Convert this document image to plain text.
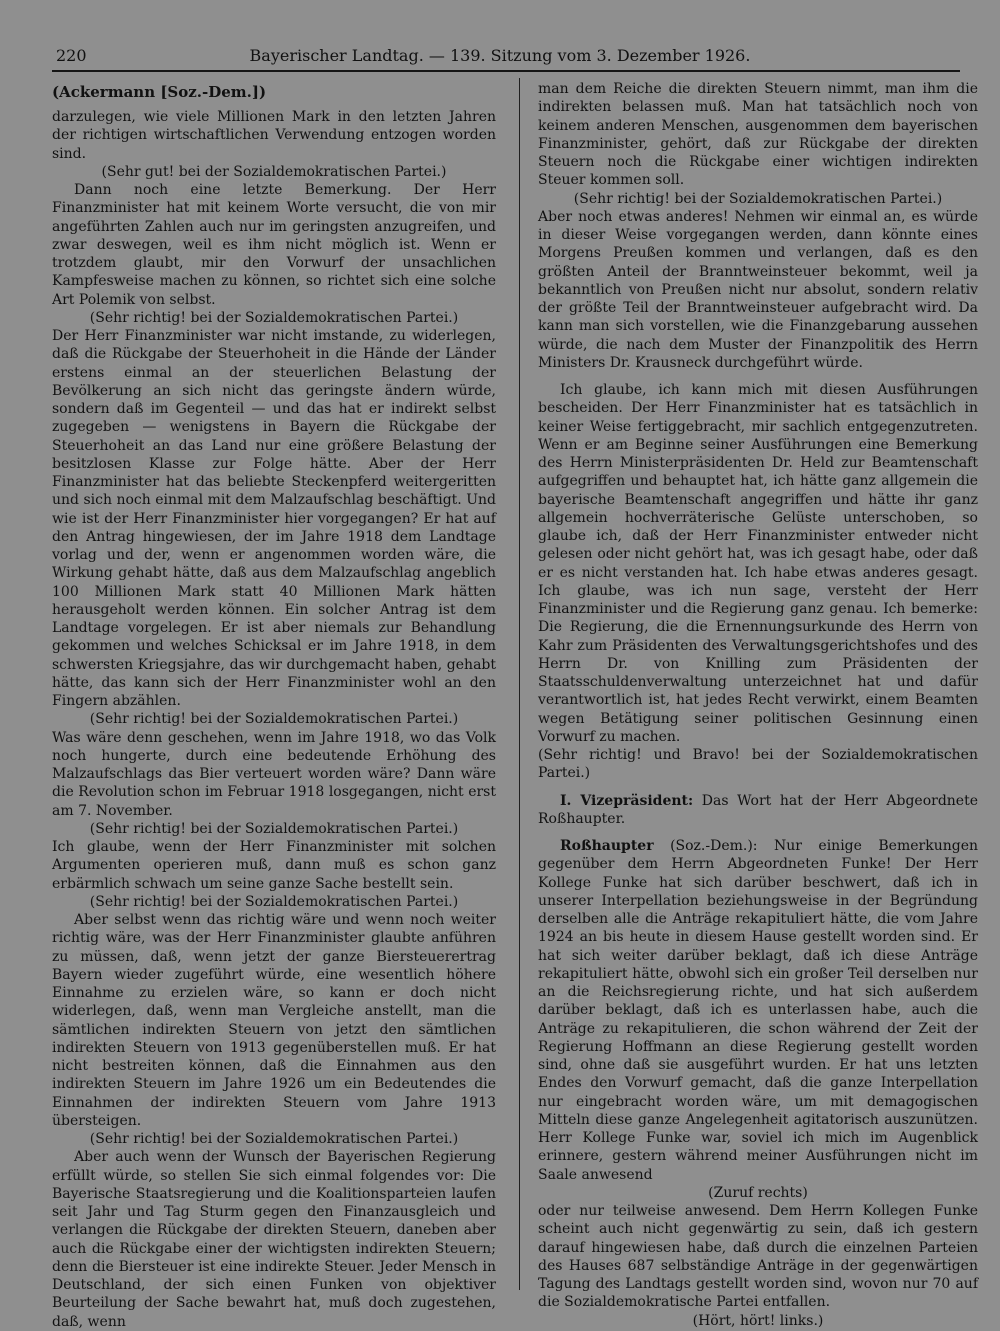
220	Bayerischer Landtag. — 139. Sitzung vom 3. Dezember 1926.
(Ackermann [Soz.-Dem.])

darzulegen, wie viele Millionen Mark in den letzten Jahren der richtigen wirtschaftlichen Verwendung entzogen worden sind.

(Sehr gut! bei der Sozialdemokratischen Partei.)

Dann noch eine letzte Bemerkung. Der Herr Finanzminister hat mit keinem Worte versucht, die von mir angeführten Zahlen auch nur im geringsten anzugreifen, und zwar deswegen, weil es ihm nicht möglich ist. Wenn er trotzdem glaubt, mir den Vorwurf der unsachlichen Kampfesweise machen zu können, so richtet sich eine solche Art Polemik von selbst.

(Sehr richtig! bei der Sozialdemokratischen Partei.)

Der Herr Finanzminister war nicht imstande, zu widerlegen, daß die Rückgabe der Steuerhoheit in die Hände der Länder erstens einmal an der steuerlichen Belastung der Bevölkerung an sich nicht das geringste ändern würde, sondern daß im Gegenteil — und das hat er indirekt selbst zugegeben — wenigstens in Bayern die Rückgabe der Steuerhoheit an das Land nur eine größere Belastung der besitzlosen Klasse zur Folge hätte. Aber der Herr Finanzminister hat das beliebte Steckenpferd weitergeritten und sich noch einmal mit dem Malzaufschlag beschäftigt. Und wie ist der Herr Finanzminister hier vorgegangen? Er hat auf den Antrag hingewiesen, der im Jahre 1918 dem Landtage vorlag und der, wenn er angenommen worden wäre, die Wirkung gehabt hätte, daß aus dem Malzaufschlag angeblich 100 Millionen Mark statt 40 Millionen Mark hätten herausgeholt werden können. Ein solcher Antrag ist dem Landtage vorgelegen. Er ist aber niemals zur Behandlung gekommen und welches Schicksal er im Jahre 1918, in dem schwersten Kriegsjahre, das wir durchgemacht haben, gehabt hätte, das kann sich der Herr Finanzminister wohl an den Fingern abzählen.

(Sehr richtig! bei der Sozialdemokratischen Partei.)

Was wäre denn geschehen, wenn im Jahre 1918, wo das Volk noch hungerte, durch eine bedeutende Erhöhung des Malzaufschlags das Bier verteuert worden wäre? Dann wäre die Revolution schon im Februar 1918 losgegangen, nicht erst am 7. November.

(Sehr richtig! bei der Sozialdemokratischen Partei.)

Ich glaube, wenn der Herr Finanzminister mit solchen Argumenten operieren muß, dann muß es schon ganz erbärmlich schwach um seine ganze Sache bestellt sein.

(Sehr richtig! bei der Sozialdemokratischen Partei.)

Aber selbst wenn das richtig wäre und wenn noch weiter richtig wäre, was der Herr Finanzminister glaubte anführen zu müssen, daß, wenn jetzt der ganze Biersteuerertrag Bayern wieder zugeführt würde, eine wesentlich höhere Einnahme zu erzielen wäre, so kann er doch nicht widerlegen, daß, wenn man Vergleiche anstellt, man die sämtlichen indirekten Steuern von jetzt den sämtlichen indirekten Steuern von 1913 gegenüberstellen muß. Er hat nicht bestreiten können, daß die Einnahmen aus den indirekten Steuern im Jahre 1926 um ein Bedeutendes die Einnahmen der indirekten Steuern vom Jahre 1913 übersteigen.

(Sehr richtig! bei der Sozialdemokratischen Partei.)

Aber auch wenn der Wunsch der Bayerischen Regierung erfüllt würde, so stellen Sie sich einmal folgendes vor: Die Bayerische Staatsregierung und die Koalitionsparteien laufen seit Jahr und Tag Sturm gegen den Finanzausgleich und verlangen die Rückgabe der direkten Steuern, daneben aber auch die Rückgabe einer der wichtigsten indirekten Steuern; denn die Biersteuer ist eine indirekte Steuer. Jeder Mensch in Deutschland, der sich einen Funken von objektiver Beurteilung der Sache bewahrt hat, muß doch zugestehen, daß, wenn

man dem Reiche die direkten Steuern nimmt, man ihm die indirekten belassen muß. Man hat tatsächlich noch von keinem anderen Menschen, ausgenommen dem bayerischen Finanzminister, gehört, daß zur Rückgabe der direkten Steuern noch die Rückgabe einer wichtigen indirekten Steuer kommen soll.

(Sehr richtig! bei der Sozialdemokratischen Partei.)

Aber noch etwas anderes! Nehmen wir einmal an, es würde in dieser Weise vorgegangen werden, dann könnte eines Morgens Preußen kommen und verlangen, daß es den größten Anteil der Branntweinsteuer bekommt, weil ja bekanntlich von Preußen nicht nur absolut, sondern relativ der größte Teil der Branntweinsteuer aufgebracht wird. Da kann man sich vorstellen, wie die Finanzgebarung aussehen würde, die nach dem Muster der Finanzpolitik des Herrn Ministers Dr. Krausneck durchgeführt würde.

Ich glaube, ich kann mich mit diesen Ausführungen bescheiden. Der Herr Finanzminister hat es tatsächlich in keiner Weise fertiggebracht, mir sachlich entgegenzutreten. Wenn er am Beginne seiner Ausführungen eine Bemerkung des Herrn Ministerpräsidenten Dr. Held zur Beamtenschaft aufgegriffen und behauptet hat, ich hätte ganz allgemein die bayerische Beamtenschaft angegriffen und hätte ihr ganz allgemein hochverräterische Gelüste unterschoben, so glaube ich, daß der Herr Finanzminister entweder nicht gelesen oder nicht gehört hat, was ich gesagt habe, oder daß er es nicht verstanden hat. Ich habe etwas anderes gesagt. Ich glaube, was ich nun sage, versteht der Herr Finanzminister und die Regierung ganz genau. Ich bemerke: Die Regierung, die die Ernennungsurkunde des Herrn von Kahr zum Präsidenten des Verwaltungsgerichtshofes und des Herrn Dr. von Knilling zum Präsidenten der Staatsschuldenverwaltung unterzeichnet hat und dafür verantwortlich ist, hat jedes Recht verwirkt, einem Beamten wegen Betätigung seiner politischen Gesinnung einen Vorwurf zu machen.

(Sehr richtig! und Bravo! bei der Sozialdemokratischen Partei.)

I. Vizepräsident: Das Wort hat der Herr Abgeordnete Roßhaupter.

Roßhaupter (Soz.-Dem.): Nur einige Bemerkungen gegenüber dem Herrn Abgeordneten Funke! Der Herr Kollege Funke hat sich darüber beschwert, daß ich in unserer Interpellation beziehungsweise in der Begründung derselben alle die Anträge rekapituliert hätte, die vom Jahre 1924 an bis heute in diesem Hause gestellt worden sind. Er hat sich weiter darüber beklagt, daß ich diese Anträge rekapituliert hätte, obwohl sich ein großer Teil derselben nur an die Reichsregierung richte, und hat sich außerdem darüber beklagt, daß ich es unterlassen habe, auch die Anträge zu rekapitulieren, die schon während der Zeit der Regierung Hoffmann an diese Regierung gestellt worden sind, ohne daß sie ausgeführt wurden. Er hat uns letzten Endes den Vorwurf gemacht, daß die ganze Interpellation nur eingebracht worden wäre, um mit demagogischen Mitteln diese ganze Angelegenheit agitatorisch auszunützen. Herr Kollege Funke war, soviel ich mich im Augenblick erinnere, gestern während meiner Ausführungen nicht im Saale anwesend

(Zuruf rechts)

oder nur teilweise anwesend. Dem Herrn Kollegen Funke scheint auch nicht gegenwärtig zu sein, daß ich gestern darauf hingewiesen habe, daß durch die einzelnen Parteien des Hauses 687 selbständige Anträge in der gegenwärtigen Tagung des Landtags gestellt worden sind, wovon nur 70 auf die Sozialdemokratische Partei entfallen.

(Hört, hört! links.)
